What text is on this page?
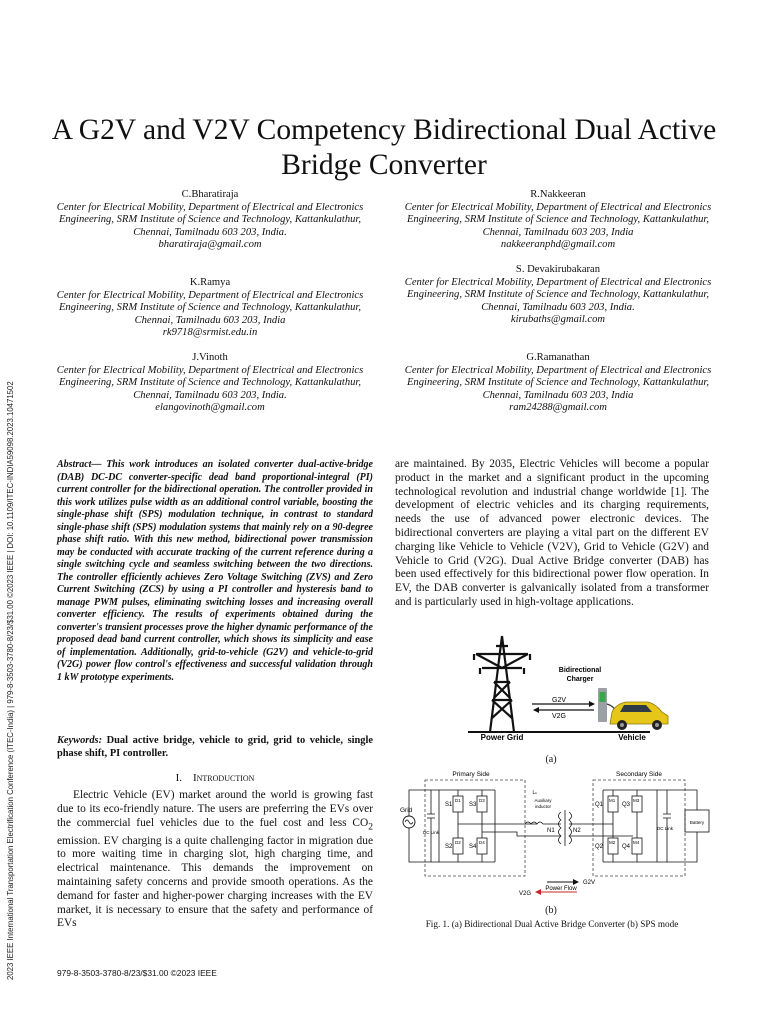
2023 IEEE International Transportation Electrification Conference (ITEC-India) | 979-8-3503-3780-8/23/$31.00 ©2023 IEEE | DOI: 10.1109/ITEC-INDIA59098.2023.10471502
A G2V and V2V Competency Bidirectional Dual Active Bridge Converter
C.Bharatiraja
Center for Electrical Mobility, Department of Electrical and Electronics Engineering, SRM Institute of Science and Technology, Kattankulathur, Chennai, Tamilnadu 603 203, India.
bharatiraja@gmail.com
R.Nakkeeran
Center for Electrical Mobility, Department of Electrical and Electronics Engineering, SRM Institute of Science and Technology, Kattankulathur, Chennai, Tamilnadu 603 203, India
nakkeeranphd@gmail.com
K.Ramya
Center for Electrical Mobility, Department of Electrical and Electronics Engineering, SRM Institute of Science and Technology, Kattankulathur, Chennai, Tamilnadu 603 203, India
rk9718@srmist.edu.in
S. Devakirubakaran
Center for Electrical Mobility, Department of Electrical and Electronics Engineering, SRM Institute of Science and Technology, Kattankulathur, Chennai, Tamilnadu 603 203, India.
kirubaths@gmail.com
J.Vinoth
Center for Electrical Mobility, Department of Electrical and Electronics Engineering, SRM Institute of Science and Technology, Kattankulathur, Chennai, Tamilnadu 603 203, India.
elangovinoth@gmail.com
G.Ramanathan
Center for Electrical Mobility, Department of Electrical and Electronics Engineering, SRM Institute of Science and Technology, Kattankulathur, Chennai, Tamilnadu 603 203, India
ram24288@gmail.com
Abstract— This work introduces an isolated converter dual-active-bridge (DAB) DC-DC converter-specific dead band proportional-integral (PI) current controller for the bidirectional operation. The controller provided in this work utilizes pulse width as an additional control variable, boosting the single-phase shift (SPS) modulation technique, in contrast to standard single-phase shift (SPS) modulation systems that mainly rely on a 90-degree phase shift ratio. With this new method, bidirectional power transmission may be conducted with accurate tracking of the current reference during a single switching cycle and seamless switching between the two directions. The controller efficiently achieves Zero Voltage Switching (ZVS) and Zero Current Switching (ZCS) by using a PI controller and hysteresis band to manage PWM pulses, eliminating switching losses and increasing overall converter efficiency. The results of experiments obtained during the converter's transient processes prove the higher dynamic performance of the proposed dead band current controller, which shows its simplicity and ease of implementation. Additionally, grid-to-vehicle (G2V) and vehicle-to-grid (V2G) power flow control's effectiveness and successful validation through 1 kW prototype experiments.
Keywords: Dual active bridge, vehicle to grid, grid to vehicle, single phase shift, PI controller.
I. Introduction
Electric Vehicle (EV) market around the world is growing fast due to its eco-friendly nature. The users are preferring the EVs over the commercial fuel vehicles due to the fuel cost and less $CO_2$ emission. EV charging is a quite challenging factor in migration due to more waiting time in charging slot, high charging time, and electrical maintenance. This demands the improvement on maintaining safety concerns and provide smooth operations. As the demand for faster and higher-power charging increases with the EV market, it is necessary to ensure that the safety and performance of EVs
are maintained. By 2035, Electric Vehicles will become a popular product in the market and a significant product in the upcoming technological revolution and industrial change worldwide [1]. The development of electric vehicles and its charging requirements, needs the use of advanced power electronic devices. The bidirectional converters are playing a vital part on the different EV charging like Vehicle to Vehicle (V2V), Grid to Vehicle (G2V) and Vehicle to Grid (V2G). Dual Active Bridge converter (DAB) has been used effectively for this bidirectional power flow operation. In EV, the DAB converter is galvanically isolated from a transformer and is particularly used in high-voltage applications.
Power Grid
Bidirectional
Charger
G2V
V2G
Vehicle
(a)
Primary Side	Secondary Side
Grid
DC Link
S1	S3
S2	S4
D1	D3
D2	D4
Lₖ
Auxiliary
inductor
N1	N2
Q1	Q3
Q2	Q4
M1	M3
M2	M4
DC Link
Battery
G2V
V2G
Power Flow
(b)
Fig. 1. (a) Bidirectional Dual Active Bridge Converter (b) SPS mode
979-8-3503-3780-8/23/$31.00 ©2023 IEEE
